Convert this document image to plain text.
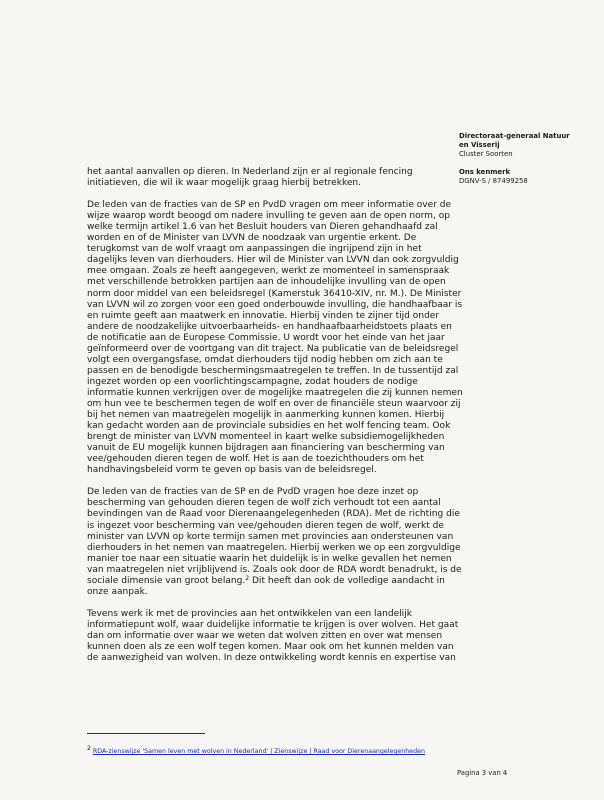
Directoraat-generaal Natuur
en Visserij
Cluster Soorten
Ons kenmerk
DGNV-S / 87499258

het aantal aanvallen op dieren. In Nederland zijn er al regionale fencing initiatieven, die wil ik waar mogelijk graag hierbij betrekken.

De leden van de fracties van de SP en PvdD vragen om meer informatie over de wijze waarop wordt beoogd om nadere invulling te geven aan de open norm, op welke termijn artikel 1.6 van het Besluit houders van Dieren gehandhaafd zal worden en of de Minister van LVVN de noodzaak van urgentie erkent. De terugkomst van de wolf vraagt om aanpassingen die ingrijpend zijn in het dagelijks leven van dierhouders. Hier wil de Minister van LVVN dan ook zorgvuldig mee omgaan. Zoals ze heeft aangegeven, werkt ze momenteel in samenspraak met verschillende betrokken partijen aan de inhoudelijke invulling van de open norm door middel van een beleidsregel (Kamerstuk 36410-XIV, nr. M.). De Minister van LVVN wil zo zorgen voor een goed onderbouwde invulling, die handhaafbaar is en ruimte geeft aan maatwerk en innovatie. Hierbij vinden te zijner tijd onder andere de noodzakelijke uitvoerbaarheids- en handhaafbaarheidstoets plaats en de notificatie aan de Europese Commissie. U wordt voor het einde van het jaar geïnformeerd over de voortgang van dit traject. Na publicatie van de beleidsregel volgt een overgangsfase, omdat dierhouders tijd nodig hebben om zich aan te passen en de benodigde beschermingsmaatregelen te treffen. In de tussentijd zal ingezet worden op een voorlichtingscampagne, zodat houders de nodige informatie kunnen verkrijgen over de mogelijke maatregelen die zij kunnen nemen om hun vee te beschermen tegen de wolf en over de financiële steun waarvoor zij bij het nemen van maatregelen mogelijk in aanmerking kunnen komen. Hierbij kan gedacht worden aan de provinciale subsidies en het wolf fencing team. Ook brengt de minister van LVVN momenteel in kaart welke subsidiemogelijkheden vanuit de EU mogelijk kunnen bijdragen aan financiering van bescherming van vee/gehouden dieren tegen de wolf. Het is aan de toezichthouders om het handhavingsbeleid vorm te geven op basis van de beleidsregel.

De leden van de fracties van de SP en de PvdD vragen hoe deze inzet op bescherming van gehouden dieren tegen de wolf zich verhoudt tot een aantal bevindingen van de Raad voor Dierenaangelegenheden (RDA). Met de richting die is ingezet voor bescherming van vee/gehouden dieren tegen de wolf, werkt de minister van LVVN op korte termijn samen met provincies aan ondersteunen van dierhouders in het nemen van maatregelen. Hierbij werken we op een zorgvuldige manier toe naar een situatie waarin het duidelijk is in welke gevallen het nemen van maatregelen niet vrijblijvend is. Zoals ook door de RDA wordt benadrukt, is de sociale dimensie van groot belang.$^2$ Dit heeft dan ook de volledige aandacht in onze aanpak.

Tevens werk ik met de provincies aan het ontwikkelen van een landelijk informatiepunt wolf, waar duidelijke informatie te krijgen is over wolven. Het gaat dan om informatie over waar we weten dat wolven zitten en over wat mensen kunnen doen als ze een wolf tegen komen. Maar ook om het kunnen melden van de aanwezigheid van wolven. In deze ontwikkeling wordt kennis en expertise van

$^2$ RDA-zienswijze 'Samen leven met wolven in Nederland' | Zienswijze | Raad voor Dierenaangelegenheden
Pagina 3 van 4
